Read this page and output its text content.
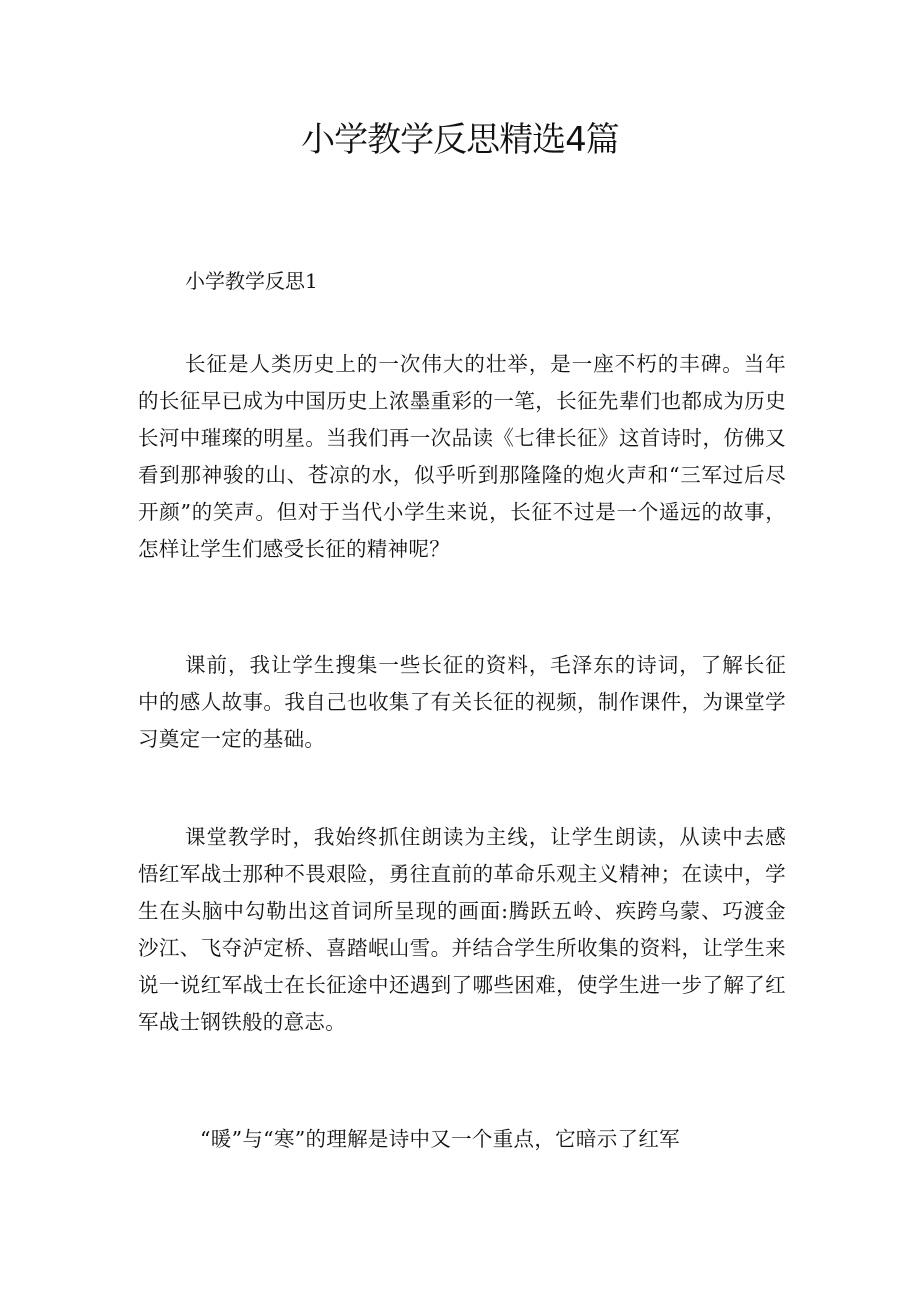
小学教学反思精选4篇
小学教学反思1

长征是人类历史上的一次伟大的壮举，是一座不朽的丰碑。当年的长征早已成为中国历史上浓墨重彩的一笔，长征先辈们也都成为历史长河中璀璨的明星。当我们再一次品读《七律长征》这首诗时，仿佛又看到那神骏的山、苍凉的水，似乎听到那隆隆的炮火声和“三军过后尽开颜”的笑声。但对于当代小学生来说，长征不过是一个遥远的故事，怎样让学生们感受长征的精神呢？

课前，我让学生搜集一些长征的资料，毛泽东的诗词，了解长征中的感人故事。我自己也收集了有关长征的视频，制作课件，为课堂学习奠定一定的基础。

课堂教学时，我始终抓住朗读为主线，让学生朗读，从读中去感悟红军战士那种不畏艰险，勇往直前的革命乐观主义精神；在读中，学生在头脑中勾勒出这首词所呈现的画面:腾跃五岭、疾跨乌蒙、巧渡金沙江、飞夺泸定桥、喜踏岷山雪。并结合学生所收集的资料，让学生来说一说红军战士在长征途中还遇到了哪些困难，使学生进一步了解了红军战士钢铁般的意志。

“暖”与“寒”的理解是诗中又一个重点，它暗示了红军
